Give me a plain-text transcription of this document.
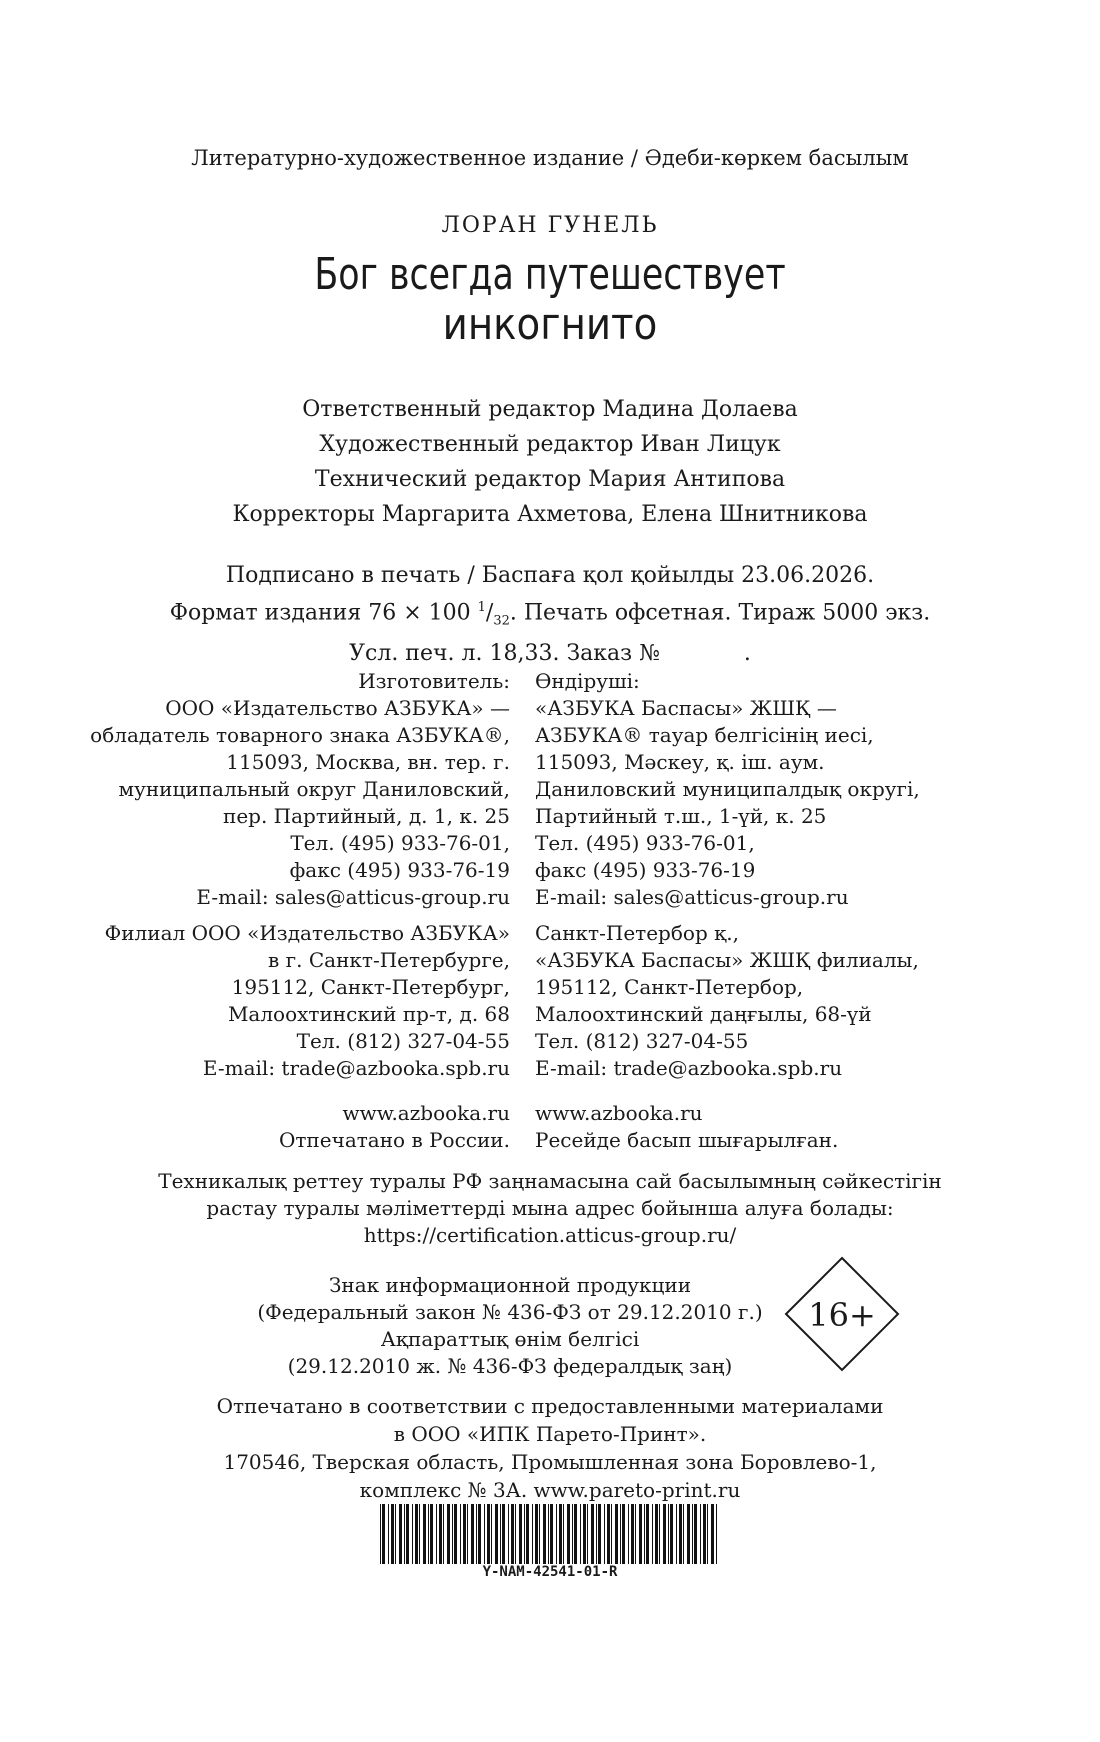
Литературно-художественное издание / Әдеби-көркем басылым
ЛОРАН ГУНЕЛЬ
Бог всегда путешествует
инкогнито
Ответственный редактор Мадина Долаева
Художественный редактор Иван Лицук
Технический редактор Мария Антипова
Корректоры Маргарита Ахметова, Елена Шнитникова
Подписано в печать / Баспаға қол қойылды 23.06.2026.
Формат издания 76 × 100 $^1/_{32}$. Печать офсетная. Тираж 5000 экз.
Усл. печ. л. 18,33. Заказ №            .
Изготовитель:
ООО «Издательство АЗБУКА» —
обладатель товарного знака АЗБУКА®,
115093, Москва, вн. тер. г.
муниципальный округ Даниловский,
пер. Партийный, д. 1, к. 25
Тел. (495) 933-76-01,
факс (495) 933-76-19
E-mail: sales@atticus-group.ru
Өндіруші:
«АЗБУКА Баспасы» ЖШҚ —
АЗБУКА® тауар белгісінің иесі,
115093, Мәскеу, қ. іш. аум.
Даниловский муниципалдық округі,
Партийный т.ш., 1-үй, к. 25
Тел. (495) 933-76-01,
факс (495) 933-76-19
E-mail: sales@atticus-group.ru
Филиал ООО «Издательство АЗБУКА»
в г. Санкт-Петербурге,
195112, Санкт-Петербург,
Малоохтинский пр-т, д. 68
Тел. (812) 327-04-55
E-mail: trade@azbooka.spb.ru
Санкт-Петербор қ.,
«АЗБУКА Баспасы» ЖШҚ филиалы,
195112, Санкт-Петербор,
Малоохтинский даңғылы, 68-үй
Тел. (812) 327-04-55
E-mail: trade@azbooka.spb.ru
www.azbooka.ru
Отпечатано в России.
www.azbooka.ru
Ресейде басып шығарылған.
Техникалық реттеу туралы РФ заңнамасына сай басылымның сәйкестігін
растау туралы мәліметтерді мына адрес бойынша алуға болады:
https://certification.atticus-group.ru/
Знак информационной продукции
(Федеральный закон № 436-ФЗ от 29.12.2010 г.)
Ақпараттық өнім белгісі
(29.12.2010 ж. № 436-ФЗ федералдық заң)
16+
Отпечатано в соответствии с предоставленными материалами
в ООО «ИПК Парето-Принт».
170546, Тверская область, Промышленная зона Боровлево-1,
комплекс № 3А. www.pareto-print.ru
Y-NAM-42541-01-R
